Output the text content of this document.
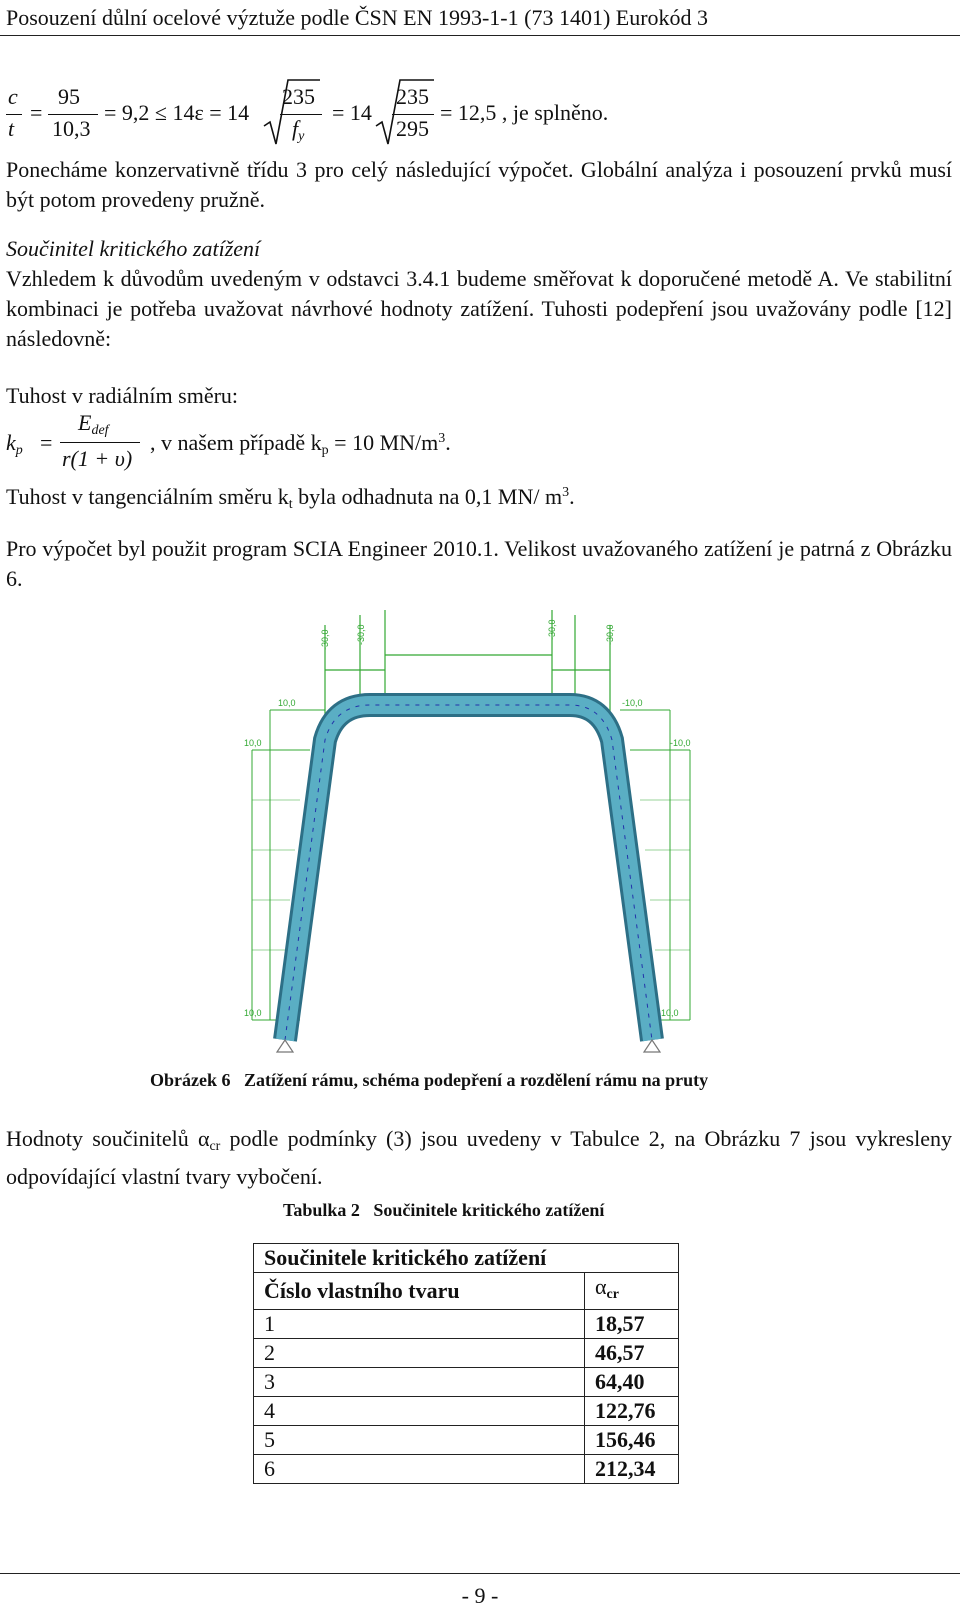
Posouzení důlní ocelové výztuže podle ČSN EN 1993-1-1 (73 1401) Eurokód 3
c
t
=
95
10,3
= 9,2 ≤ 14ε = 14
235
$f_y$
= 14
235
295
= 12,5 , je splněno.
Ponecháme konzervativně třídu 3 pro celý následující výpočet. Globální analýza i posouzení prvků musí být potom provedeny pružně.
Součinitel kritického zatížení
Vzhledem k důvodům uvedeným v odstavci 3.4.1 budeme směřovat k doporučené metodě A. Ve stabilitní kombinaci je potřeba uvažovat návrhové hodnoty zatížení. Tuhosti podepření jsou uvažovány podle [12] následovně:
Tuhost v radiálním směru:
$k_p$ =
$E_{def}$
r(1 + υ)
, v našem případě $k_p = 10$ $MN/m^3$.
Tuhost v tangenciálním směru $k_t$ byla odhadnuta na 0,1 MN/ $m^3$.
Pro výpočet byl použit program SCIA Engineer 2010.1. Velikost uvažovaného zatížení je patrná z Obrázku 6.
-30,0	-30,0	-30,0	-30,0
10,0
10,0
10,0
-10,0
-10,0
-10,0
Obrázek 6 Zatížení rámu, schéma podepření a rozdělení rámu na pruty
Hodnoty součinitelů $\alpha_{cr}$ podle podmínky (3) jsou uvedeny v Tabulce 2, na Obrázku 7 jsou vykresleny odpovídající vlastní tvary vybočení.
Tabulka 2 Součinitele kritického zatížení
Součinitele kritického zatížení	
Číslo vlastního tvaru	$\alpha_{cr}$
1	18,57
2	46,57
3	64,40
4	122,76
5	156,46
6	212,34
- 9 -
